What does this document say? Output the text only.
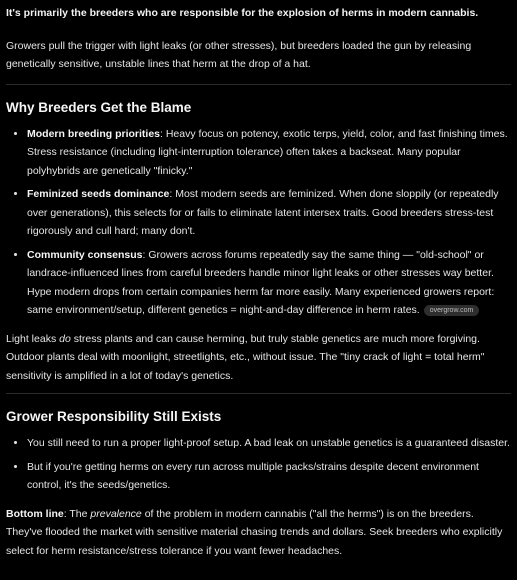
It's primarily the breeders who are responsible for the explosion of herms in modern cannabis.

Growers pull the trigger with light leaks (or other stresses), but breeders loaded the gun by releasing genetically sensitive, unstable lines that herm at the drop of a hat.

Why Breeders Get the Blame
• Modern breeding priorities: Heavy focus on potency, exotic terps, yield, color, and fast finishing times. Stress resistance (including light-interruption tolerance) often takes a backseat. Many popular polyhybrids are genetically "finicky."
• Feminized seeds dominance: Most modern seeds are feminized. When done sloppily (or repeatedly over generations), this selects for or fails to eliminate latent intersex traits. Good breeders stress-test rigorously and cull hard; many don't.
• Community consensus: Growers across forums repeatedly say the same thing — "old-school" or landrace-influenced lines from careful breeders handle minor light leaks or other stresses way better. Hype modern drops from certain companies herm far more easily. Many experienced growers report: same environment/setup, different genetics = night-and-day difference in herm rates. overgrow.com

Light leaks do stress plants and can cause herming, but truly stable genetics are much more forgiving. Outdoor plants deal with moonlight, streetlights, etc., without issue. The "tiny crack of light = total herm" sensitivity is amplified in a lot of today's genetics.

Grower Responsibility Still Exists
• You still need to run a proper light-proof setup. A bad leak on unstable genetics is a guaranteed disaster.
• But if you're getting herms on every run across multiple packs/strains despite decent environment control, it's the seeds/genetics.

Bottom line: The prevalence of the problem in modern cannabis ("all the herms") is on the breeders. They've flooded the market with sensitive material chasing trends and dollars. Seek breeders who explicitly select for herm resistance/stress tolerance if you want fewer headaches.
